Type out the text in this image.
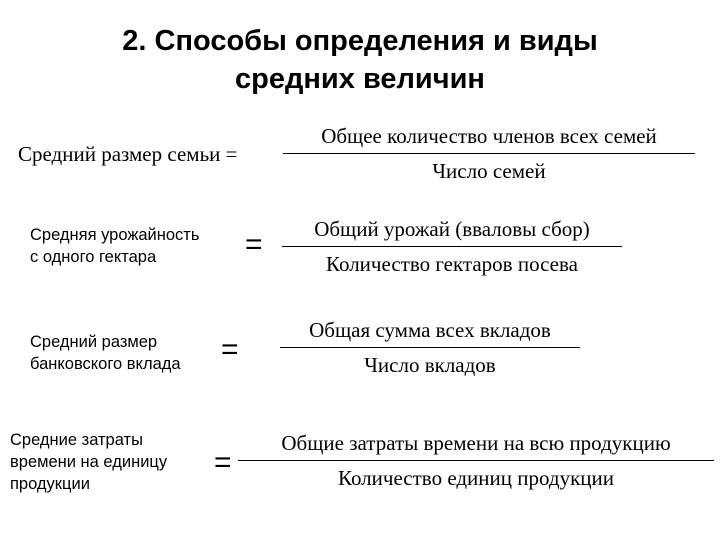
2. Способы определения и виды
средних величин
Средний размер семьи =
Общее количество членов всех семей
Число семей
Средняя урожайность
с одного гектара	=	Общий урожай (вваловы сбор)
Количество гектаров посева
Средний размер
банковского вклада =
Общая сумма всех вкладов
Число вкладов
Средние затраты
времени на единицу
продукции
=
Общие затраты времени на всю продукцию
Количество единиц продукции
